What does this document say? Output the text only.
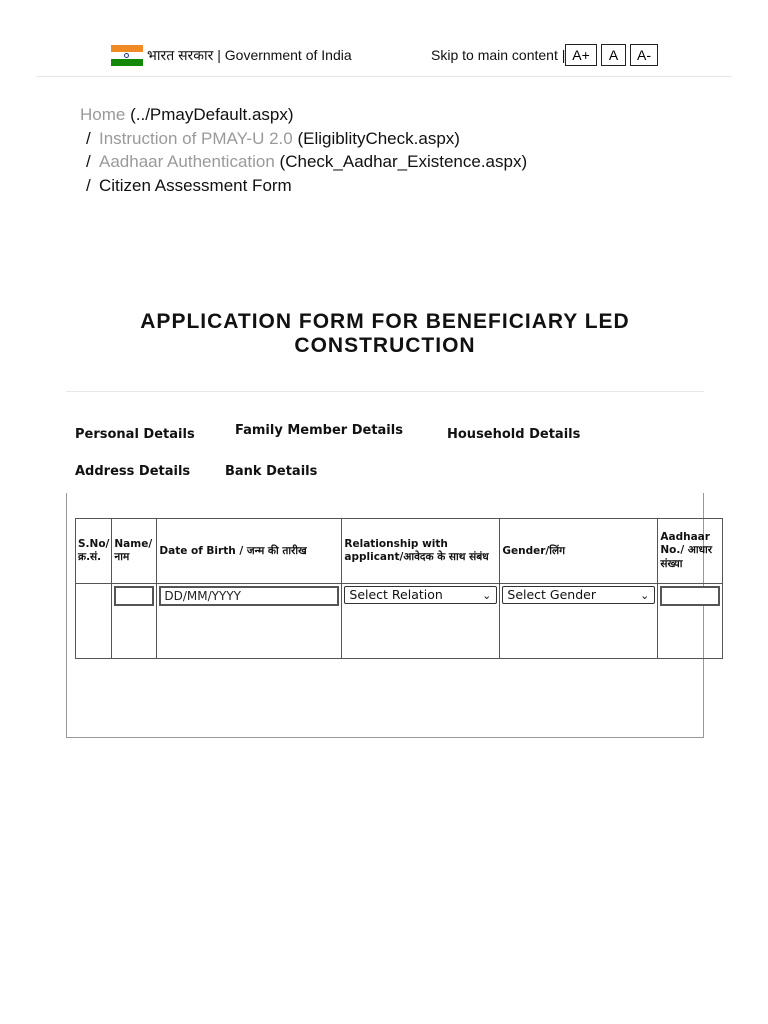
भारत सरकार | Government of India	Skip to main content | A+	A	A-
Home (../PmayDefault.aspx)
/ Instruction of PMAY-U 2.0 (EligiblityCheck.aspx)
/ Aadhaar Authentication (Check_Aadhar_Existence.aspx)
/ Citizen Assessment Form
APPLICATION FORM FOR BENEFICIARY LED CONSTRUCTION
Personal Details	Family Member Details	Household Details
Address Details	Bank Details
S.No/ क्र.सं.	Name/ नाम	Date of Birth / जन्म की तारीख	Relationship with applicant/आवेदक के साथ संबंध	Gender/लिंग	Aadhaar No./ आधार संख्या

		DD/MM/YYYY	Select Relation ⌄	Select Gender ⌄	
